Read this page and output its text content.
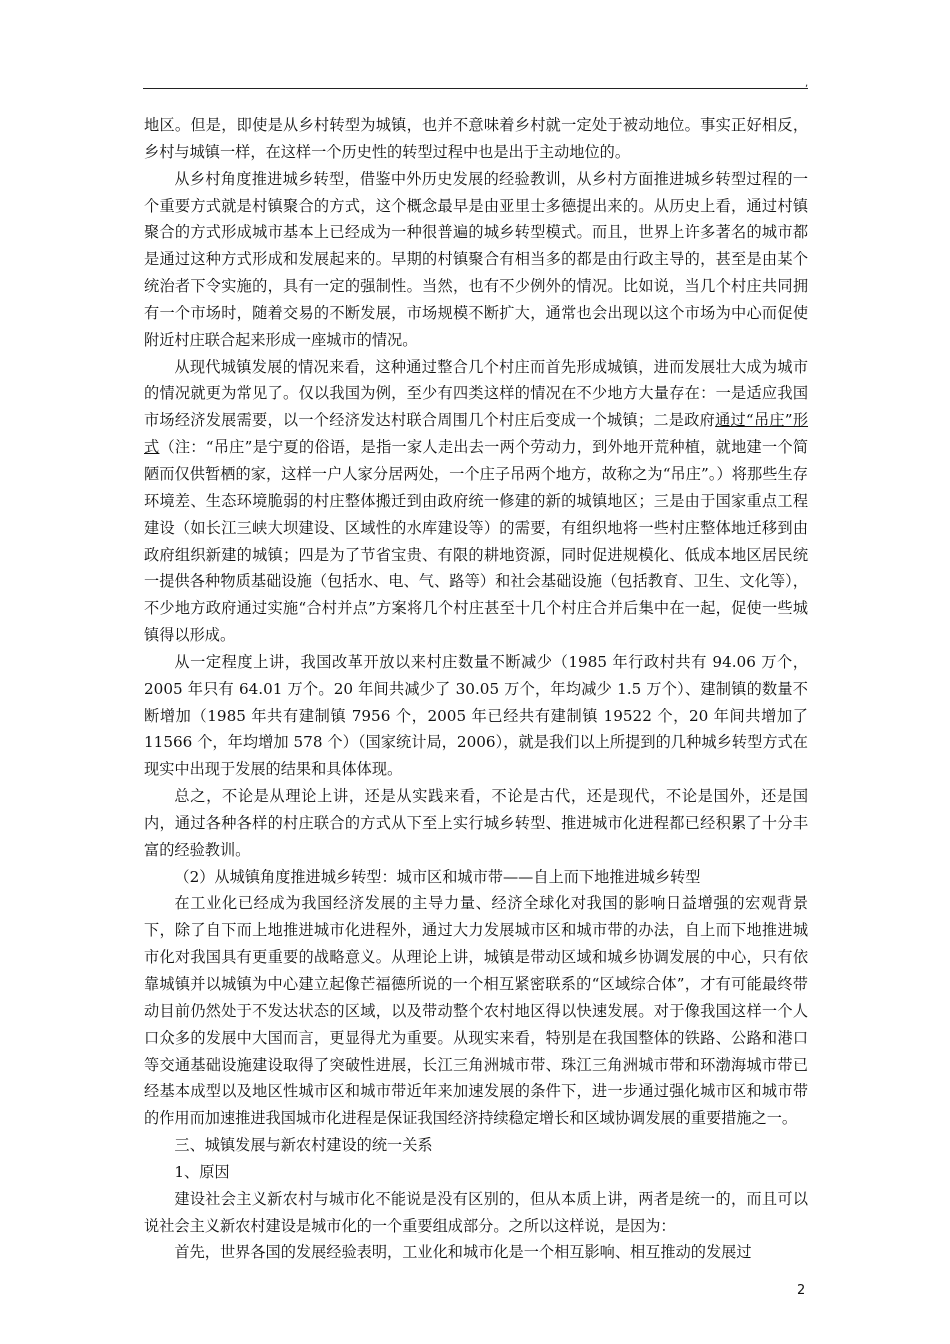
,

地区。但是，即使是从乡村转型为城镇，也并不意味着乡村就一定处于被动地位。事实正好相反，乡村与城镇一样，在这样一个历史性的转型过程中也是出于主动地位的。

从乡村角度推进城乡转型，借鉴中外历史发展的经验教训，从乡村方面推进城乡转型过程的一个重要方式就是村镇聚合的方式，这个概念最早是由亚里士多德提出来的。从历史上看，通过村镇聚合的方式形成城市基本上已经成为一种很普遍的城乡转型模式。而且，世界上许多著名的城市都是通过这种方式形成和发展起来的。早期的村镇聚合有相当多的都是由行政主导的，甚至是由某个统治者下令实施的，具有一定的强制性。当然，也有不少例外的情况。比如说，当几个村庄共同拥有一个市场时，随着交易的不断发展，市场规模不断扩大，通常也会出现以这个市场为中心而促使附近村庄联合起来形成一座城市的情况。

从现代城镇发展的情况来看，这种通过整合几个村庄而首先形成城镇，进而发展壮大成为城市的情况就更为常见了。仅以我国为例，至少有四类这样的情况在不少地方大量存在：一是适应我国市场经济发展需要，以一个经济发达村联合周围几个村庄后变成一个城镇；二是政府通过“吊庄”形式（注：“吊庄”是宁夏的俗语，是指一家人走出去一两个劳动力，到外地开荒种植，就地建一个简陋而仅供暂栖的家，这样一户人家分居两处，一个庄子吊两个地方，故称之为“吊庄”。）将那些生存环境差、生态环境脆弱的村庄整体搬迁到由政府统一修建的新的城镇地区；三是由于国家重点工程建设（如长江三峡大坝建设、区域性的水库建设等）的需要，有组织地将一些村庄整体地迁移到由政府组织新建的城镇；四是为了节省宝贵、有限的耕地资源，同时促进规模化、低成本地区居民统一提供各种物质基础设施（包括水、电、气、路等）和社会基础设施（包括教育、卫生、文化等），不少地方政府通过实施“合村并点”方案将几个村庄甚至十几个村庄合并后集中在一起，促使一些城镇得以形成。

从一定程度上讲，我国改革开放以来村庄数量不断减少（1985 年行政村共有 94.06 万个，2005 年只有 64.01 万个。20 年间共减少了 30.05 万个，年均减少 1.5 万个）、建制镇的数量不断增加（1985 年共有建制镇 7956 个，2005 年已经共有建制镇 19522 个，20 年间共增加了 11566 个，年均增加 578 个）（国家统计局，2006），就是我们以上所提到的几种城乡转型方式在现实中出现于发展的结果和具体体现。

总之，不论是从理论上讲，还是从实践来看，不论是古代，还是现代，不论是国外，还是国内，通过各种各样的村庄联合的方式从下至上实行城乡转型、推进城市化进程都已经积累了十分丰富的经验教训。

（2）从城镇角度推进城乡转型：城市区和城市带——自上而下地推进城乡转型

在工业化已经成为我国经济发展的主导力量、经济全球化对我国的影响日益增强的宏观背景下，除了自下而上地推进城市化进程外，通过大力发展城市区和城市带的办法，自上而下地推进城市化对我国具有更重要的战略意义。从理论上讲，城镇是带动区域和城乡协调发展的中心，只有依靠城镇并以城镇为中心建立起像芒福德所说的一个相互紧密联系的“区域综合体”，才有可能最终带动目前仍然处于不发达状态的区域，以及带动整个农村地区得以快速发展。对于像我国这样一个人口众多的发展中大国而言，更显得尤为重要。从现实来看，特别是在我国整体的铁路、公路和港口等交通基础设施建设取得了突破性进展，长江三角洲城市带、珠江三角洲城市带和环渤海城市带已经基本成型以及地区性城市区和城市带近年来加速发展的条件下，进一步通过强化城市区和城市带的作用而加速推进我国城市化进程是保证我国经济持续稳定增长和区域协调发展的重要措施之一。

三、城镇发展与新农村建设的统一关系

1、原因

建设社会主义新农村与城市化不能说是没有区别的，但从本质上讲，两者是统一的，而且可以说社会主义新农村建设是城市化的一个重要组成部分。之所以这样说，是因为：

首先，世界各国的发展经验表明，工业化和城市化是一个相互影响、相互推动的发展过

2
